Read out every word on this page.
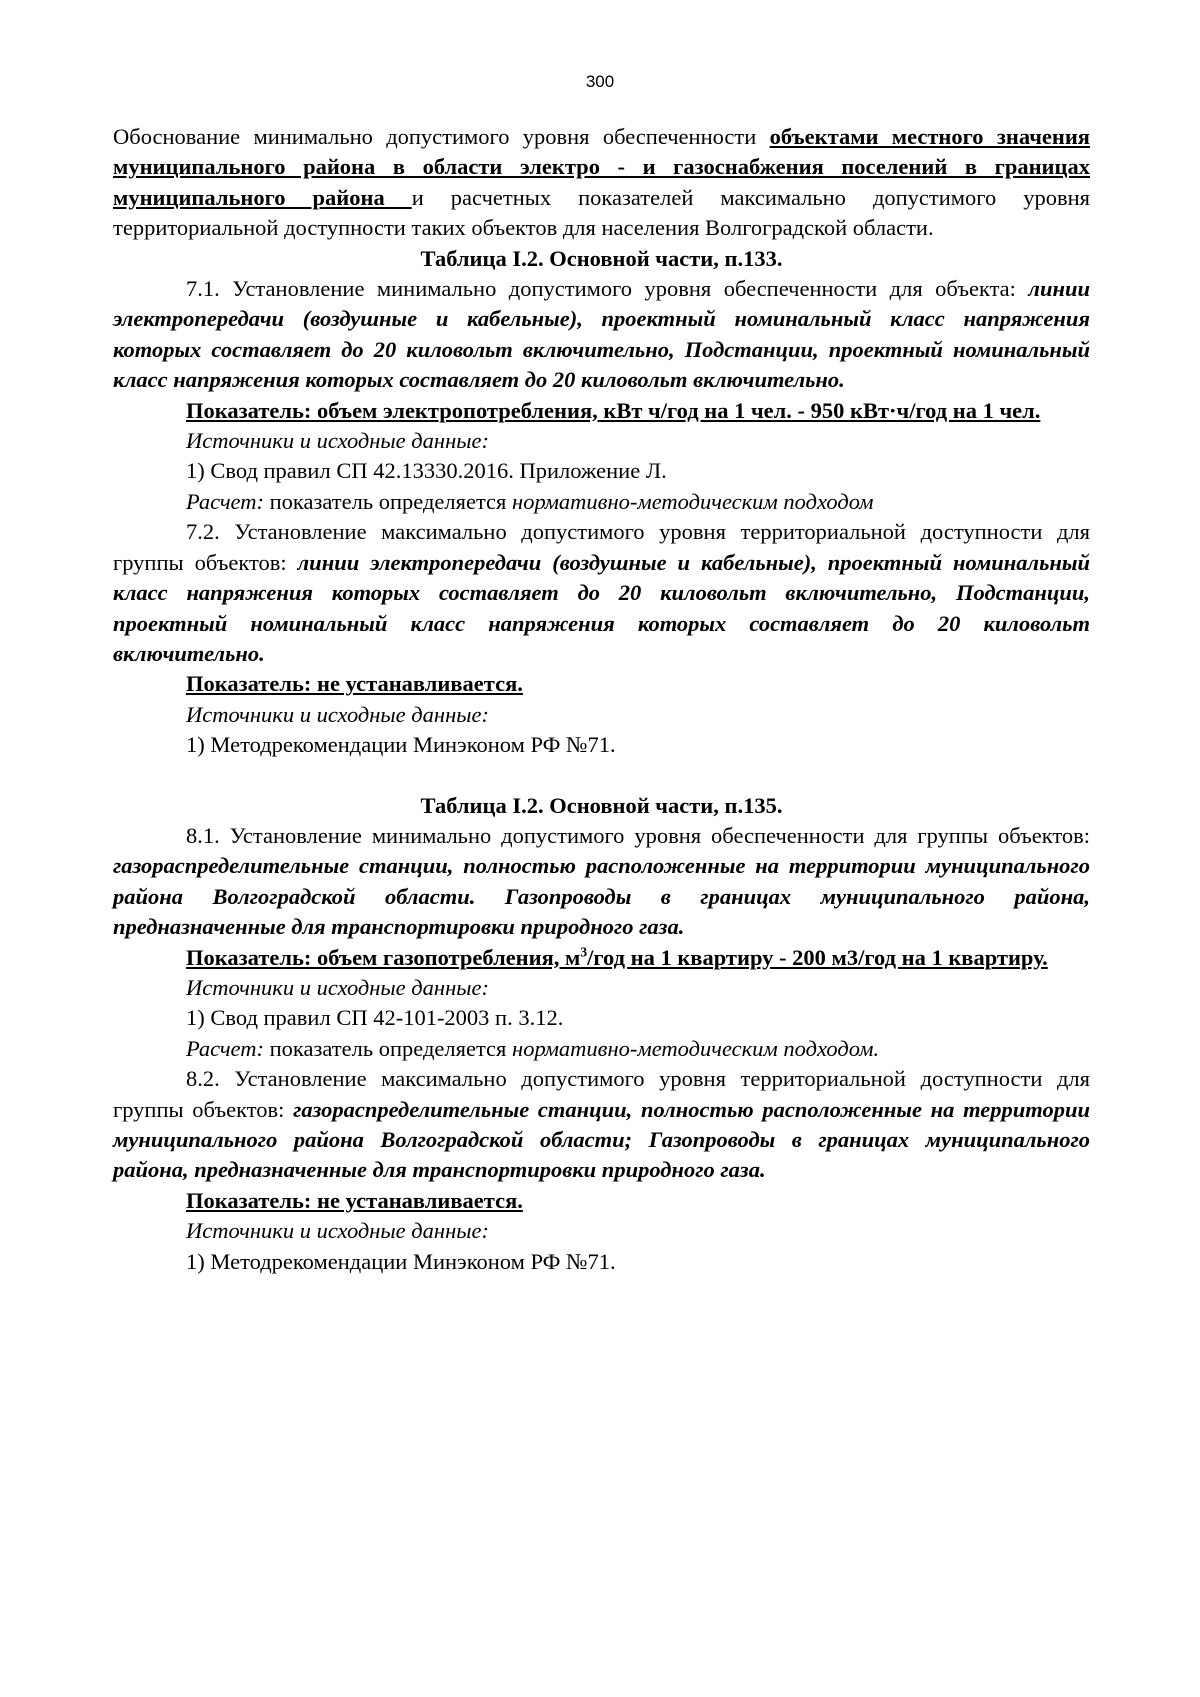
300

Обоснование минимально допустимого уровня обеспеченности объектами местного значения муниципального района в области электро - и газоснабжения поселений в границах муниципального района и расчетных показателей максимально допустимого уровня территориальной доступности таких объектов для населения Волгоградской области.

Таблица I.2. Основной части, п.133.

7.1. Установление минимально допустимого уровня обеспеченности для объекта: линии электропередачи (воздушные и кабельные), проектный номинальный класс напряжения которых составляет до 20 киловольт включительно, Подстанции, проектный номинальный класс напряжения которых составляет до 20 киловольт включительно.

Показатель: объем электропотребления, кВт ч/год на 1 чел. - 950 кВт·ч/год на 1 чел.

Источники и исходные данные:

1) Свод правил СП 42.13330.2016. Приложение Л.

Расчет: показатель определяется нормативно-методическим подходом

7.2. Установление максимально допустимого уровня территориальной доступности для группы объектов: линии электропередачи (воздушные и кабельные), проектный номинальный класс напряжения которых составляет до 20 киловольт включительно, Подстанции, проектный номинальный класс напряжения которых составляет до 20 киловольт включительно.

Показатель: не устанавливается.

Источники и исходные данные:

1) Методрекомендации Минэконом РФ №71.

Таблица I.2. Основной части, п.135.

8.1. Установление минимально допустимого уровня обеспеченности для группы объектов: газораспределительные станции, полностью расположенные на территории муниципального района Волгоградской области. Газопроводы в границах муниципального района, предназначенные для транспортировки природного газа.

Показатель: объем газопотребления, $м^3$/год на 1 квартиру - 200 м3/год на 1 квартиру.

Источники и исходные данные:

1) Свод правил СП 42-101-2003 п. 3.12.

Расчет: показатель определяется нормативно-методическим подходом.

8.2. Установление максимально допустимого уровня территориальной доступности для группы объектов: газораспределительные станции, полностью расположенные на территории муниципального района Волгоградской области; Газопроводы в границах муниципального района, предназначенные для транспортировки природного газа.

Показатель: не устанавливается.

Источники и исходные данные:

1) Методрекомендации Минэконом РФ №71.
